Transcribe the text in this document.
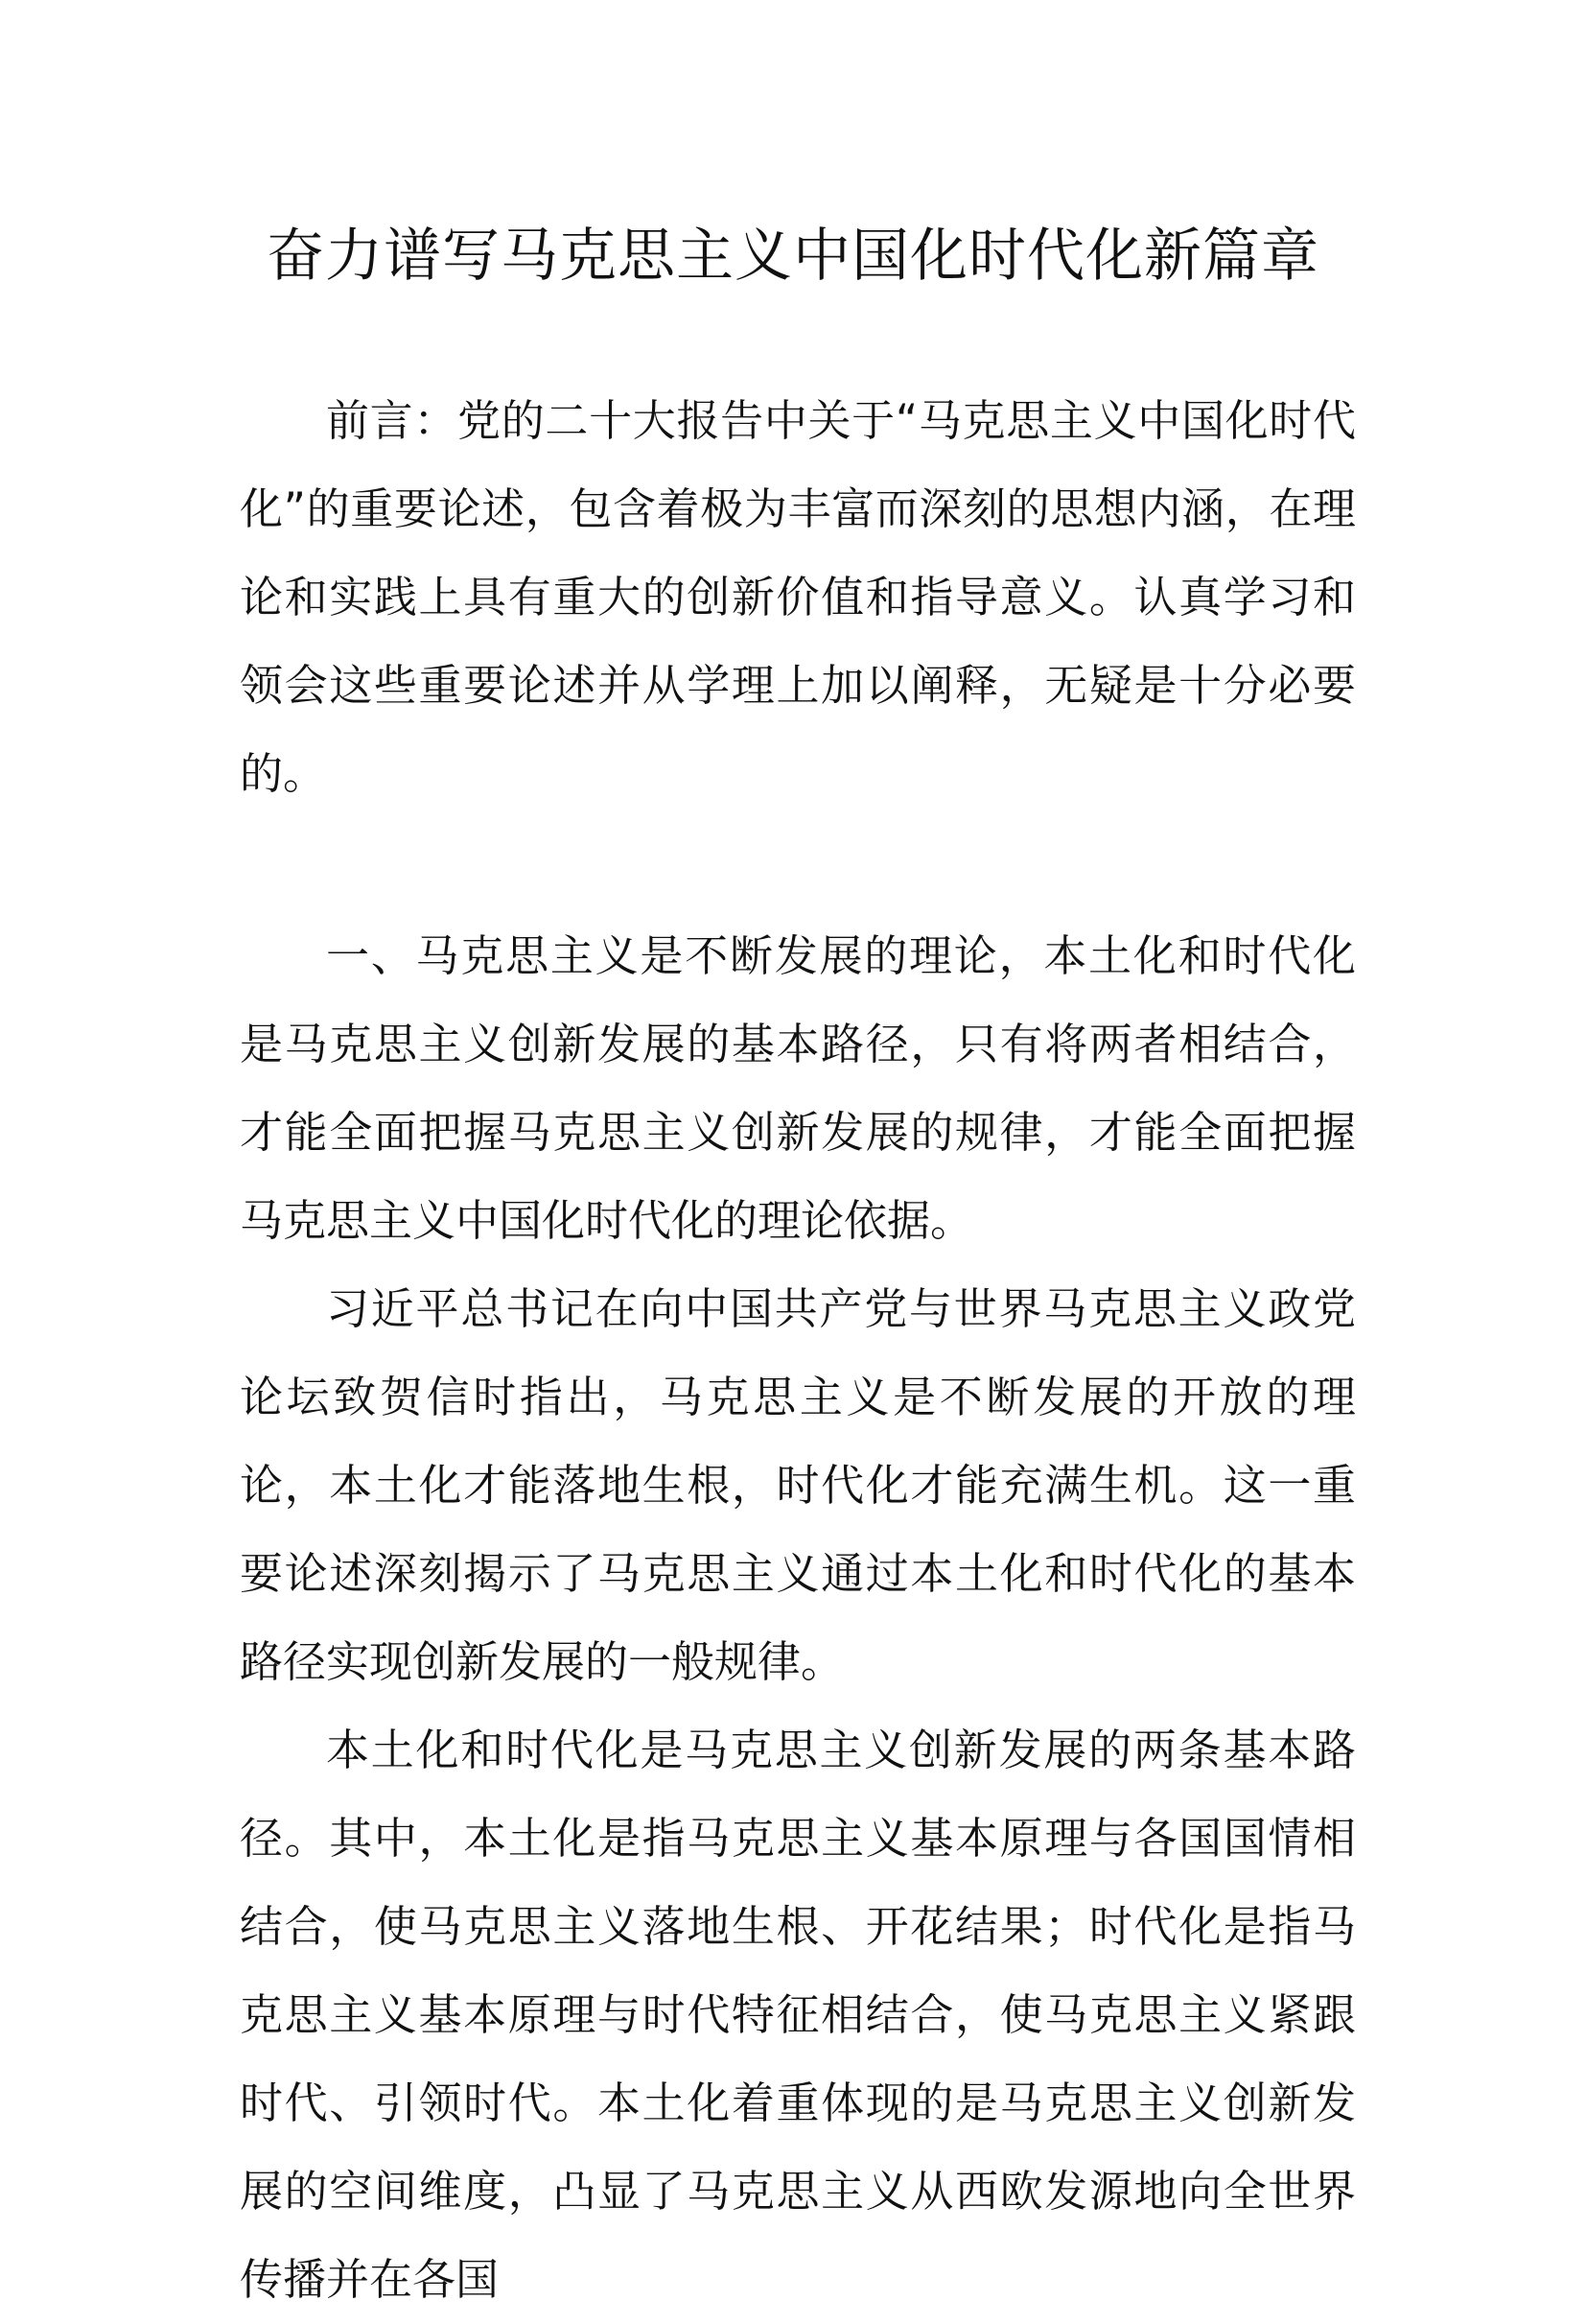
奋力谱写马克思主义中国化时代化新篇章

前言：党的二十大报告中关于“马克思主义中国化时代化”的重要论述，包含着极为丰富而深刻的思想内涵，在理论和实践上具有重大的创新价值和指导意义。认真学习和领会这些重要论述并从学理上加以阐释，无疑是十分必要的。

一、马克思主义是不断发展的理论，本土化和时代化是马克思主义创新发展的基本路径，只有将两者相结合，才能全面把握马克思主义创新发展的规律，才能全面把握马克思主义中国化时代化的理论依据。

习近平总书记在向中国共产党与世界马克思主义政党论坛致贺信时指出，马克思主义是不断发展的开放的理论，本土化才能落地生根，时代化才能充满生机。这一重要论述深刻揭示了马克思主义通过本土化和时代化的基本路径实现创新发展的一般规律。

本土化和时代化是马克思主义创新发展的两条基本路径。其中，本土化是指马克思主义基本原理与各国国情相结合，使马克思主义落地生根、开花结果；时代化是指马克思主义基本原理与时代特征相结合，使马克思主义紧跟时代、引领时代。本土化着重体现的是马克思主义创新发展的空间维度，凸显了马克思主义从西欧发源地向全世界传播并在各国
